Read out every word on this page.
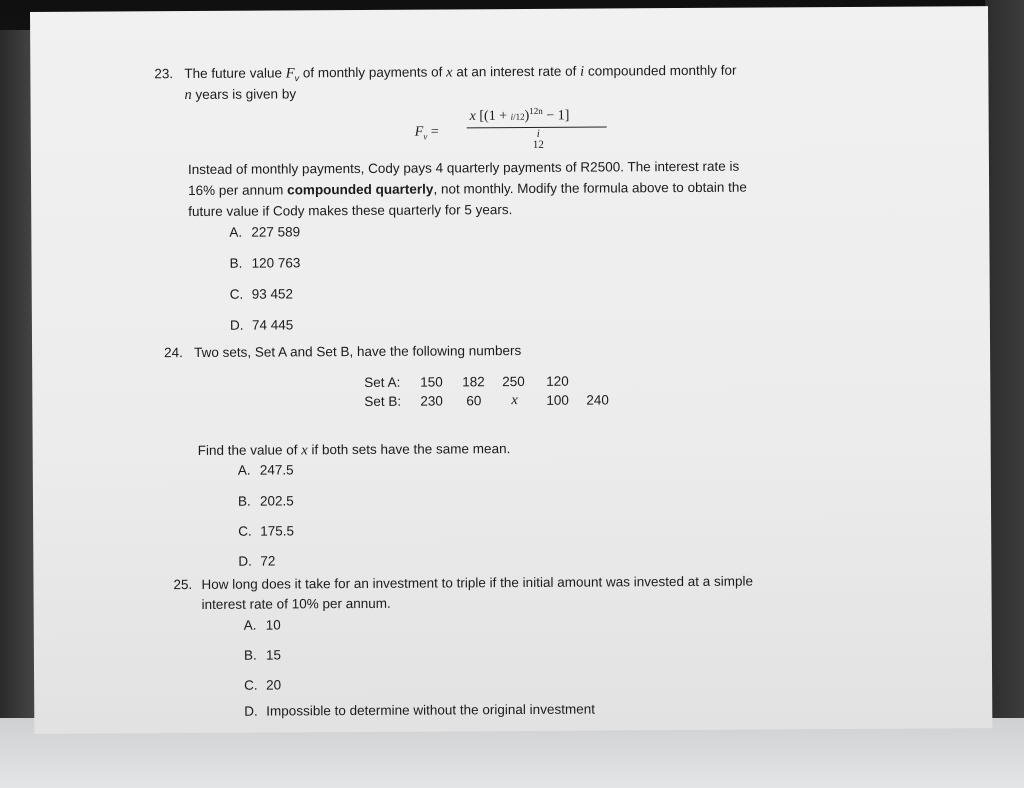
23. The future value $F_v$ of monthly payments of x at an interest rate of i compounded monthly for
n years is given by
$F_v$ =
x $[(1 + i/12)^{12n} - 1]$
i
12
Instead of monthly payments, Cody pays 4 quarterly payments of R2500. The interest rate is
16% per annum compounded quarterly, not monthly. Modify the formula above to obtain the
future value if Cody makes these quarterly for 5 years.
A. 227 589
B. 120 763
C. 93 452
D. 74 445
24. Two sets, Set A and Set B, have the following numbers
Set A: 150 182 250 120
Set B: 230 60 x 100 240
Find the value of x if both sets have the same mean.
A. 247.5
B. 202.5
C. 175.5
D. 72
25. How long does it take for an investment to triple if the initial amount was invested at a simple
interest rate of 10% per annum.
A. 10
B. 15
C. 20
D. Impossible to determine without the original investment
